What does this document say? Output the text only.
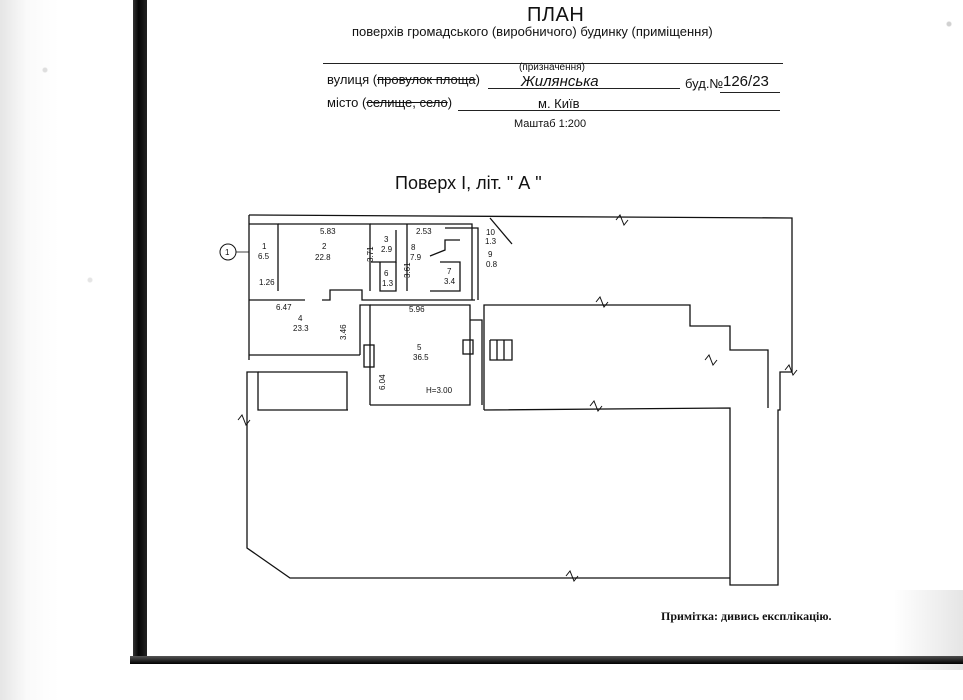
ПЛАН
поверхів громадського (виробничого) будинку (приміщення)
(призначення)
вулиця (провулок площа)	Жилянська	буд.№ 126/23
місто (селище, село)	м. Київ
Маштаб 1:200
Поверх І, літ. " А "
1
1
6.5
2
22.8
3
2.9
4
23.3
5
36.5
6
1.3
7
3.4
8
7.9	9
0.8
10
1.3
5.83	2.53
3.71
3.61
1.26
6.47	5.96
3.46
6.04
H=3.00
Примітка: дивись експлікацію.
